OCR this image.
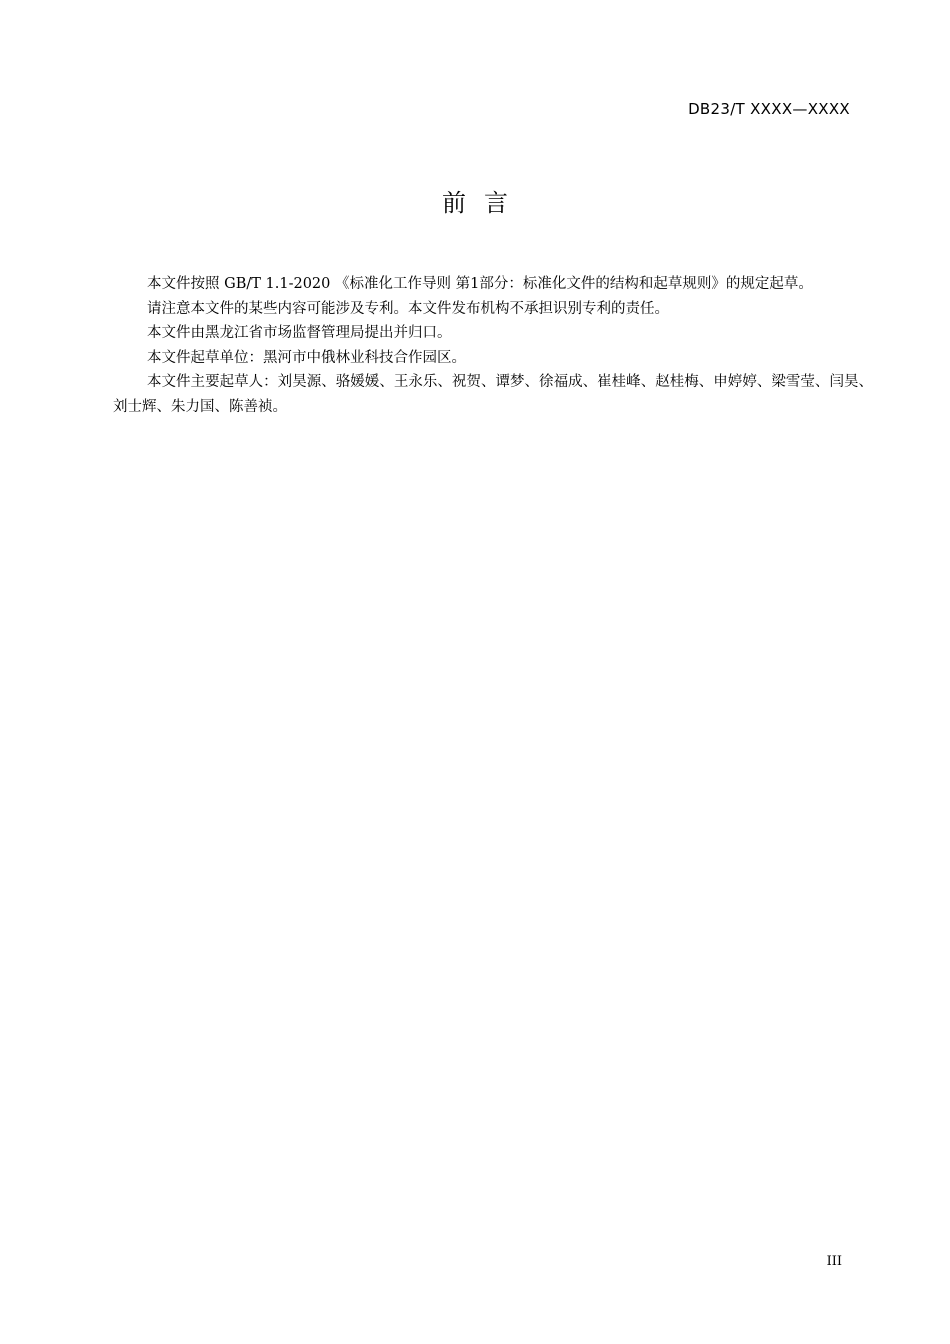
DB23/T XXXX—XXXX
前言

本文件按照 GB/T 1.1-2020 《标准化工作导则 第1部分：标准化文件的结构和起草规则》的规定起草。

请注意本文件的某些内容可能涉及专利。本文件发布机构不承担识别专利的责任。

本文件由黑龙江省市场监督管理局提出并归口。

本文件起草单位：黑河市中俄林业科技合作园区。

本文件主要起草人：刘昊源、骆媛媛、王永乐、祝贺、谭梦、徐福成、崔桂峰、赵桂梅、申婷婷、梁雪莹、闫昊、刘士辉、朱力国、陈善祯。

III
